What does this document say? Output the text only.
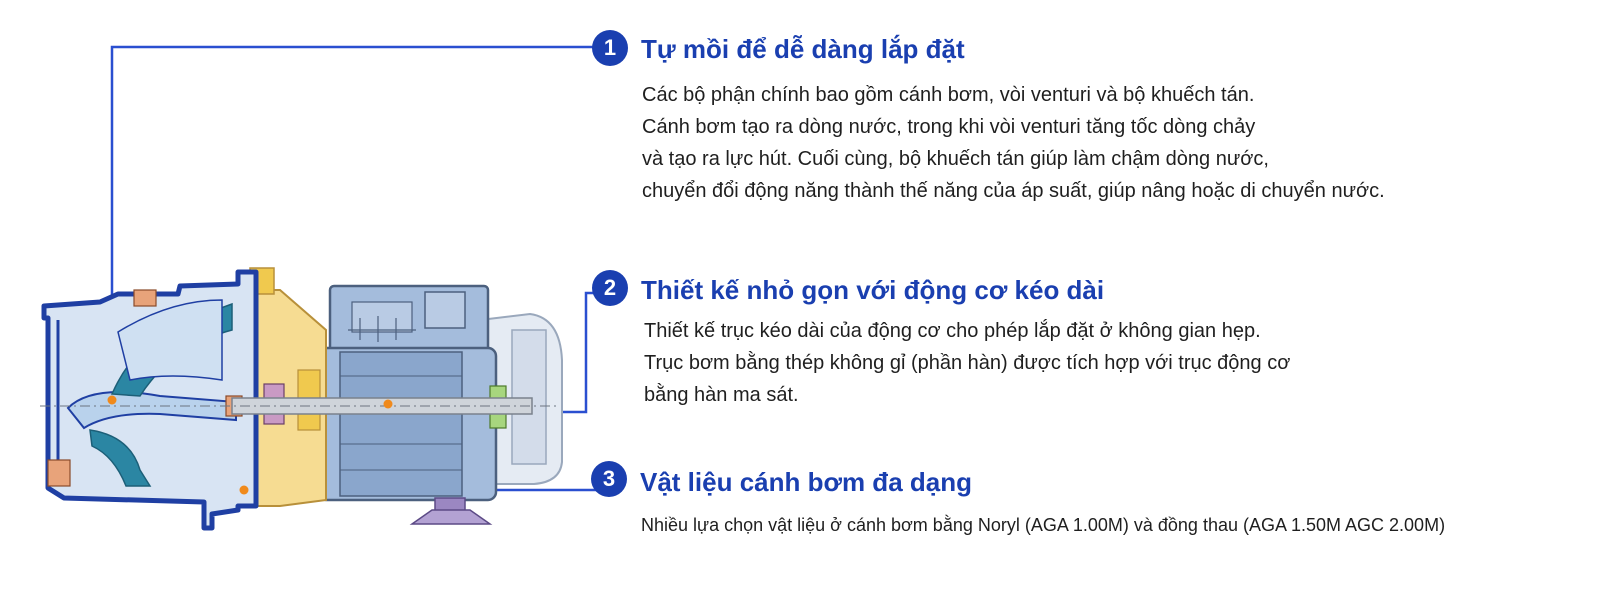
1 Tự mồi để dễ dàng lắp đặt
Các bộ phận chính bao gồm cánh bơm, vòi venturi và bộ khuếch tán.
Cánh bơm tạo ra dòng nước, trong khi vòi venturi tăng tốc dòng chảy
và tạo ra lực hút. Cuối cùng, bộ khuếch tán giúp làm chậm dòng nước,
chuyển đổi động năng thành thế năng của áp suất, giúp nâng hoặc di chuyển nước.
2 Thiết kế nhỏ gọn với động cơ kéo dài
Thiết kế trục kéo dài của động cơ cho phép lắp đặt ở không gian hẹp.
Trục bơm bằng thép không gỉ (phần hàn) được tích hợp với trục động cơ
bằng hàn ma sát.
3 Vật liệu cánh bơm đa dạng
Nhiều lựa chọn vật liệu ở cánh bơm bằng Noryl (AGA 1.00M) và đồng thau (AGA 1.50M AGC 2.00M)
